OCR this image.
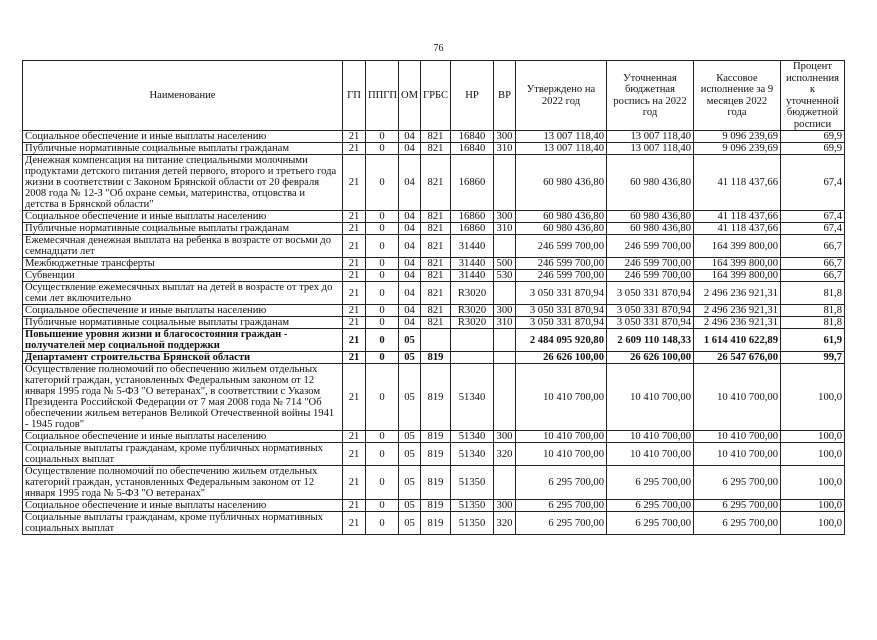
76
Наименование	ГП	ППГП	ОМ	ГРБС	НР	ВР	Утверждено на 2022 год	Уточненная бюджетная роспись на 2022 год	Кассовое исполнение за 9 месяцев 2022 года	Процент исполнения к уточненной бюджетной росписи
Социальное обеспечение и иные выплаты населению	21	0	04	821	16840	300	13 007 118,40	13 007 118,40	9 096 239,69	69,9
Публичные нормативные социальные выплаты гражданам	21	0	04	821	16840	310	13 007 118,40	13 007 118,40	9 096 239,69	69,9
Денежная компенсация на питание специальными молочными продуктами детского питания детей первого, второго и третьего года жизни в соответствии с Законом Брянской области от 20 февраля 2008 года № 12-З "Об охране семьи, материнства, отцовства и детства в Брянской области"	21	0	04	821	16860		60 980 436,80	60 980 436,80	41 118 437,66	67,4
Социальное обеспечение и иные выплаты населению	21	0	04	821	16860	300	60 980 436,80	60 980 436,80	41 118 437,66	67,4
Публичные нормативные социальные выплаты гражданам	21	0	04	821	16860	310	60 980 436,80	60 980 436,80	41 118 437,66	67,4
Ежемесячная денежная выплата на ребенка в возрасте от восьми до семнадцати лет	21	0	04	821	31440		246 599 700,00	246 599 700,00	164 399 800,00	66,7
Межбюджетные трансферты	21	0	04	821	31440	500	246 599 700,00	246 599 700,00	164 399 800,00	66,7
Субвенции	21	0	04	821	31440	530	246 599 700,00	246 599 700,00	164 399 800,00	66,7
Осуществление ежемесячных выплат на детей в возрасте от трех до семи лет включительно	21	0	04	821	R3020		3 050 331 870,94	3 050 331 870,94	2 496 236 921,31	81,8
Социальное обеспечение и иные выплаты населению	21	0	04	821	R3020	300	3 050 331 870,94	3 050 331 870,94	2 496 236 921,31	81,8
Публичные нормативные социальные выплаты гражданам	21	0	04	821	R3020	310	3 050 331 870,94	3 050 331 870,94	2 496 236 921,31	81,8
Повышение уровня жизни и благосостояния граждан - получателей мер социальной поддержки	21	0	05				2 484 095 920,80	2 609 110 148,33	1 614 410 622,89	61,9
Департамент строительства Брянской области	21	0	05	819			26 626 100,00	26 626 100,00	26 547 676,00	99,7
Осуществление полномочий по обеспечению жильем отдельных категорий граждан, установленных Федеральным законом от 12 января 1995 года № 5-ФЗ "О ветеранах", в соответствии с Указом Президента Российской Федерации от 7 мая 2008 года № 714 "Об обеспечении жильем ветеранов Великой Отечественной войны 1941 - 1945 годов"	21	0	05	819	51340		10 410 700,00	10 410 700,00	10 410 700,00	100,0
Социальное обеспечение и иные выплаты населению	21	0	05	819	51340	300	10 410 700,00	10 410 700,00	10 410 700,00	100,0
Социальные выплаты гражданам, кроме публичных нормативных социальных выплат	21	0	05	819	51340	320	10 410 700,00	10 410 700,00	10 410 700,00	100,0
Осуществление полномочий по обеспечению жильем отдельных категорий граждан, установленных Федеральным законом от 12 января 1995 года № 5-ФЗ "О ветеранах"	21	0	05	819	51350		6 295 700,00	6 295 700,00	6 295 700,00	100,0
Социальное обеспечение и иные выплаты населению	21	0	05	819	51350	300	6 295 700,00	6 295 700,00	6 295 700,00	100,0
Социальные выплаты гражданам, кроме публичных нормативных социальных выплат	21	0	05	819	51350	320	6 295 700,00	6 295 700,00	6 295 700,00	100,0
